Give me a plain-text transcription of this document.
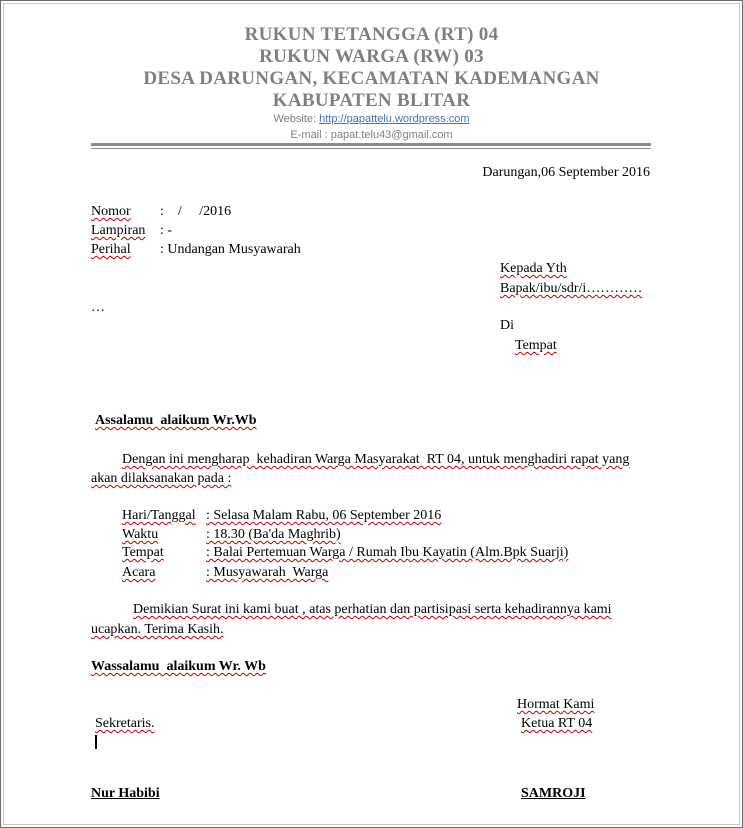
RUKUN TETANGGA (RT) 04
RUKUN WARGA (RW) 03
DESA DARUNGAN, KECAMATAN KADEMANGAN
KABUPATEN BLITAR
Website: http://papattelu.wordpress.com
E-mail : papat.telu43@gmail.com
Darungan,06 September 2016
Nomor :    /     /2016
Lampiran : -
Perihal : Undangan Musyawarah
Kepada Yth
Bapak/ibu/sdr/i…………
…
Di
Tempat
Assalamu  alaikum Wr.Wb
Dengan ini mengharap  kehadiran Warga Masyarakat  RT 04, untuk menghadiri rapat yang
akan dilaksanakan pada :
Hari/Tanggal : Selasa Malam Rabu, 06 September 2016
Waktu	: 18.30 (Ba'da Maghrib)
Tempat	: Balai Pertemuan Warga / Rumah Ibu Kayatin (Alm.Bpk Suarji)
Acara	: Musyawarah  Warga
Demikian Surat ini kami buat , atas perhatian dan partisipasi serta kehadirannya kami
ucapkan. Terima Kasih.
Wassalamu  alaikum Wr. Wb
Hormat Kami
Sekretaris.	Ketua RT 04
Nur Habibi	SAMROJI
